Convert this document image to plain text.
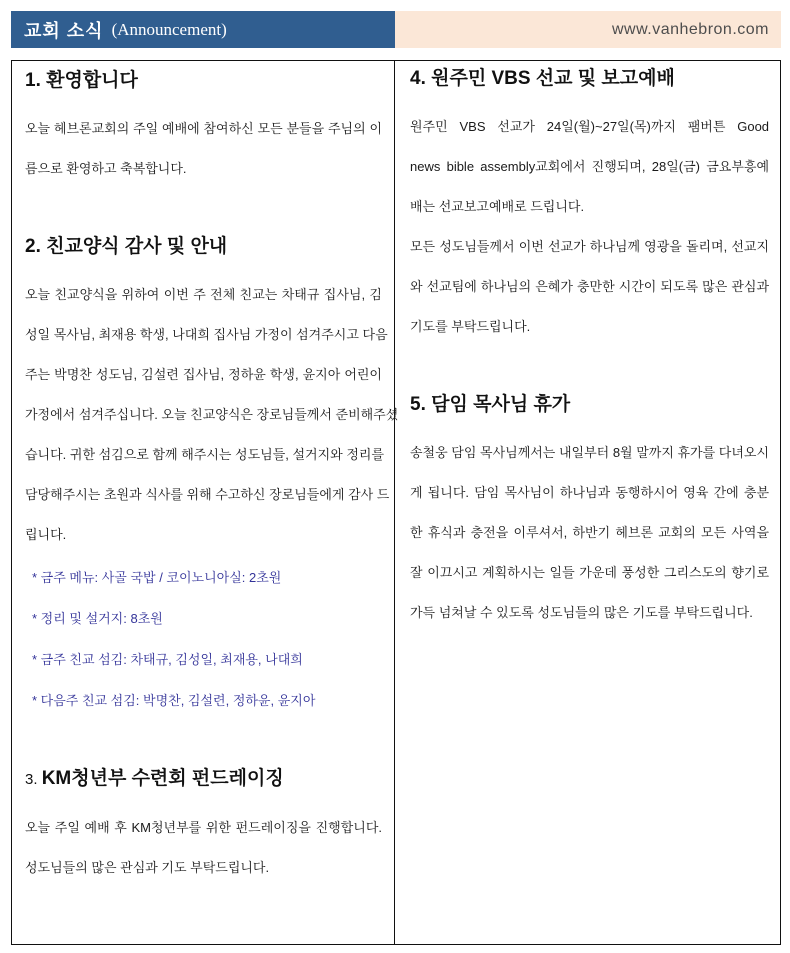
교회 소식 (Announcement)	www.vanhebron.com
1. 환영합니다
오늘 헤브론교회의 주일 예배에 참여하신 모든 분들을 주님의 이
름으로 환영하고 축복합니다.
2. 친교양식 감사 및 안내
오늘 친교양식을 위하여 이번 주 전체 친교는 차태규 집사님, 김
성일 목사님, 최재용 학생, 나대희 집사님 가정이 섬겨주시고 다음
주는 박명찬 성도님, 김설련 집사님, 정하윤 학생, 윤지아 어린이
가정에서 섬겨주십니다. 오늘 친교양식은 장로님들께서 준비해주셨
습니다. 귀한 섬김으로 함께 해주시는 성도님들, 설거지와 정리를
담당해주시는 초원과 식사를 위해 수고하신 장로님들에게 감사 드
립니다.
* 금주 메뉴: 사골 국밥 / 코이노니아실: 2초원
* 정리 및 설거지: 8초원
* 금주 친교 섬김: 차태규, 김성일, 최재용, 나대희
* 다음주 친교 섬김: 박명찬, 김설련, 정하윤, 윤지아
3. KM청년부 수련회 펀드레이징
오늘 주일 예배 후 KM청년부를 위한 펀드레이징을 진행합니다.
성도님들의 많은 관심과 기도 부탁드립니다.
4. 원주민 VBS 선교 및 보고예배
원주민 VBS 선교가 24일(월)~27일(목)까지 팸버튼 Good
news bible assembly교회에서 진행되며, 28일(금) 금요부흥예
배는 선교보고예배로 드립니다.
모든 성도님들께서 이번 선교가 하나님께 영광을 돌리며, 선교지
와 선교팀에 하나님의 은혜가 충만한 시간이 되도록 많은 관심과
기도를 부탁드립니다.
5. 담임 목사님 휴가
송철웅 담임 목사님께서는 내일부터 8월 말까지 휴가를 다녀오시
게 됩니다. 담임 목사님이 하나님과 동행하시어 영육 간에 충분
한 휴식과 충전을 이루셔서, 하반기 헤브론 교회의 모든 사역을
잘 이끄시고 계획하시는 일들 가운데 풍성한 그리스도의 향기로
가득 넘쳐날 수 있도록 성도님들의 많은 기도를 부탁드립니다.
